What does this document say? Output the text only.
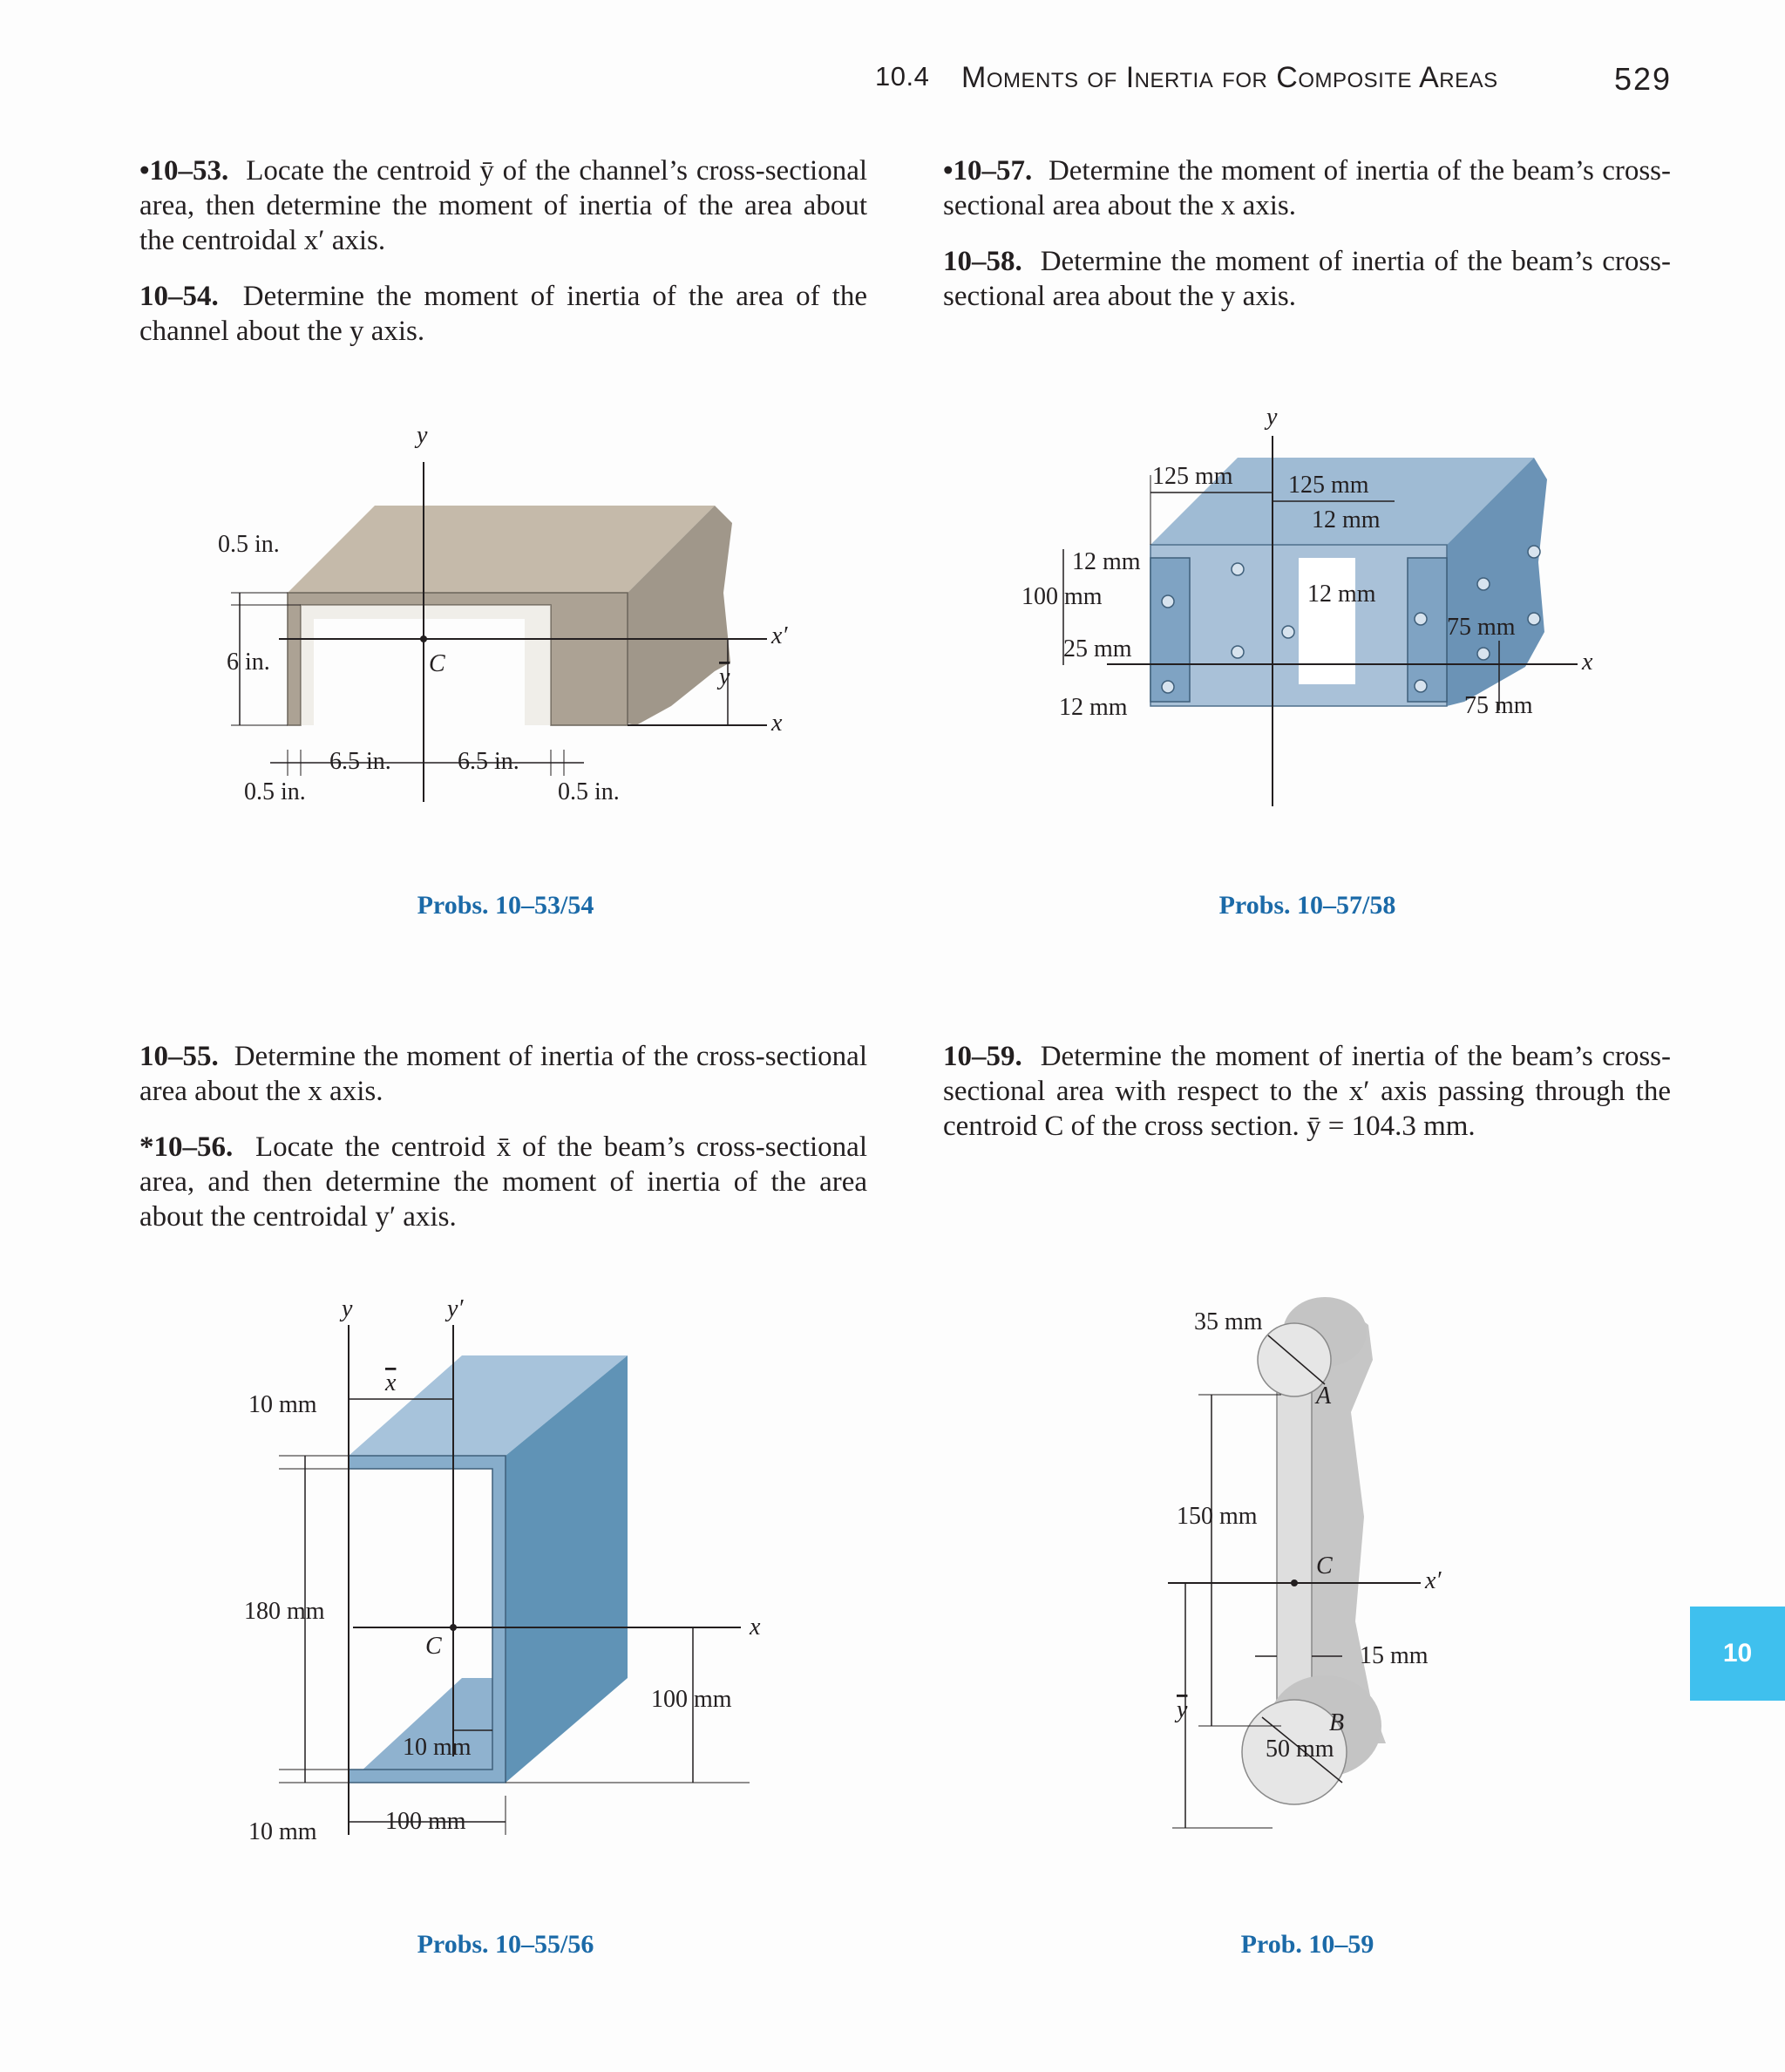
10.4 Moments of Inertia for Composite Areas	529

•10–53. Locate the centroid ȳ of the channel’s cross-sectional area, then determine the moment of inertia of the area about the centroidal x′ axis.

10–54. Determine the moment of inertia of the area of the channel about the y axis.

•10–57. Determine the moment of inertia of the beam’s cross-sectional area about the x axis.

10–58. Determine the moment of inertia of the beam’s cross-sectional area about the y axis.

10–55. Determine the moment of inertia of the cross-sectional area about the x axis.

*10–56. Locate the centroid x̄ of the beam’s cross-sectional area, and then determine the moment of inertia of the area about the centroidal y′ axis.

10–59. Determine the moment of inertia of the beam’s cross-sectional area with respect to the x′ axis passing through the centroid C of the cross section. ȳ = 104.3 mm.

y
x′
x
y
C
0.5 in.
6 in.
6.5 in.	6.5 in.
0.5 in.	0.5 in.
Probs. 10–53/54
y
x
125 mm 125 mm
12 mm
12 mm
12 mm
100 mm
25 mm
12 mm
75 mm
75 mm
Probs. 10–57/58
y	y′
x
x
C
10 mm
180 mm
10 mm
10 mm	100 mm
100 mm
Probs. 10–55/56
35 mm
A
150 mm
C
x′
15 mm
y	B
50 mm
Prob. 10–59
10
